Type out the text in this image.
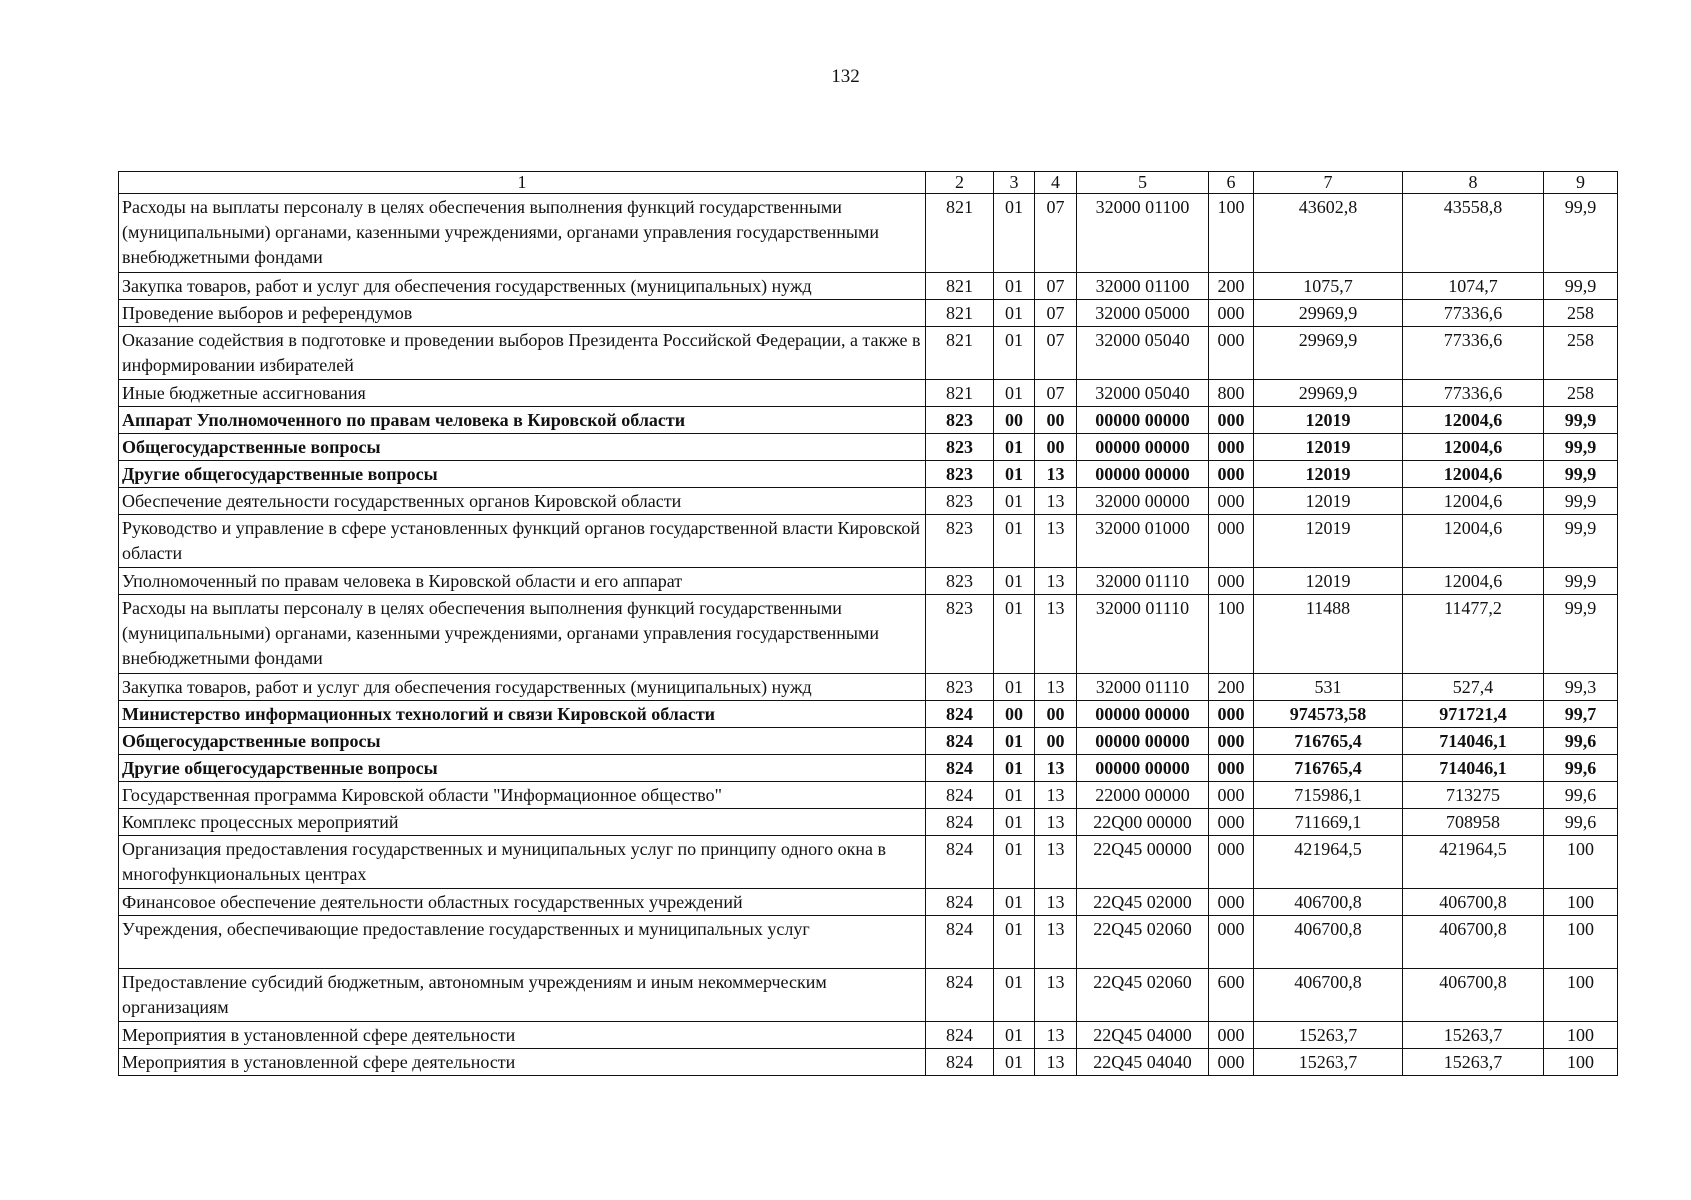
132
1	2	3	4	5	6	7	8	9
Расходы на выплаты персоналу в целях обеспечения выполнения функций государственными (муниципальными) органами, казенными учреждениями, органами управления государственными внебюджетными фондами	821	01	07	32000 01100	100	43602,8	43558,8	99,9
Закупка товаров, работ и услуг для обеспечения государственных (муниципальных) нужд	821	01	07	32000 01100	200	1075,7	1074,7	99,9
Проведение выборов и референдумов	821	01	07	32000 05000	000	29969,9	77336,6	258
Оказание содействия в подготовке и проведении выборов Президента Российской Федерации, а также в информировании избирателей	821	01	07	32000 05040	000	29969,9	77336,6	258
Иные бюджетные ассигнования	821	01	07	32000 05040	800	29969,9	77336,6	258
Аппарат Уполномоченного по правам человека в Кировской области	823	00	00	00000 00000	000	12019	12004,6	99,9
Общегосударственные вопросы	823	01	00	00000 00000	000	12019	12004,6	99,9
Другие общегосударственные вопросы	823	01	13	00000 00000	000	12019	12004,6	99,9
Обеспечение деятельности государственных органов Кировской области	823	01	13	32000 00000	000	12019	12004,6	99,9
Руководство и управление в сфере установленных функций органов государственной власти Кировской области	823	01	13	32000 01000	000	12019	12004,6	99,9
Уполномоченный по правам человека в Кировской области и его аппарат	823	01	13	32000 01110	000	12019	12004,6	99,9
Расходы на выплаты персоналу в целях обеспечения выполнения функций государственными (муниципальными) органами, казенными учреждениями, органами управления государственными внебюджетными фондами	823	01	13	32000 01110	100	11488	11477,2	99,9
Закупка товаров, работ и услуг для обеспечения государственных (муниципальных) нужд	823	01	13	32000 01110	200	531	527,4	99,3
Министерство информационных технологий и связи Кировской области	824	00	00	00000 00000	000	974573,58	971721,4	99,7
Общегосударственные вопросы	824	01	00	00000 00000	000	716765,4	714046,1	99,6
Другие общегосударственные вопросы	824	01	13	00000 00000	000	716765,4	714046,1	99,6
Государственная программа Кировской области "Информационное общество"	824	01	13	22000 00000	000	715986,1	713275	99,6
Комплекс процессных мероприятий	824	01	13	22Q00 00000	000	711669,1	708958	99,6
Организация предоставления государственных и муниципальных услуг по принципу одного окна в многофункциональных центрах	824	01	13	22Q45 00000	000	421964,5	421964,5	100
Финансовое обеспечение деятельности областных государственных учреждений	824	01	13	22Q45 02000	000	406700,8	406700,8	100
Учреждения, обеспечивающие предоставление государственных и муниципальных услуг	824	01	13	22Q45 02060	000	406700,8	406700,8	100
Предоставление субсидий бюджетным, автономным учреждениям и иным некоммерческим организациям	824	01	13	22Q45 02060	600	406700,8	406700,8	100
Мероприятия в установленной сфере деятельности	824	01	13	22Q45 04000	000	15263,7	15263,7	100
Мероприятия в установленной сфере деятельности	824	01	13	22Q45 04040	000	15263,7	15263,7	100
